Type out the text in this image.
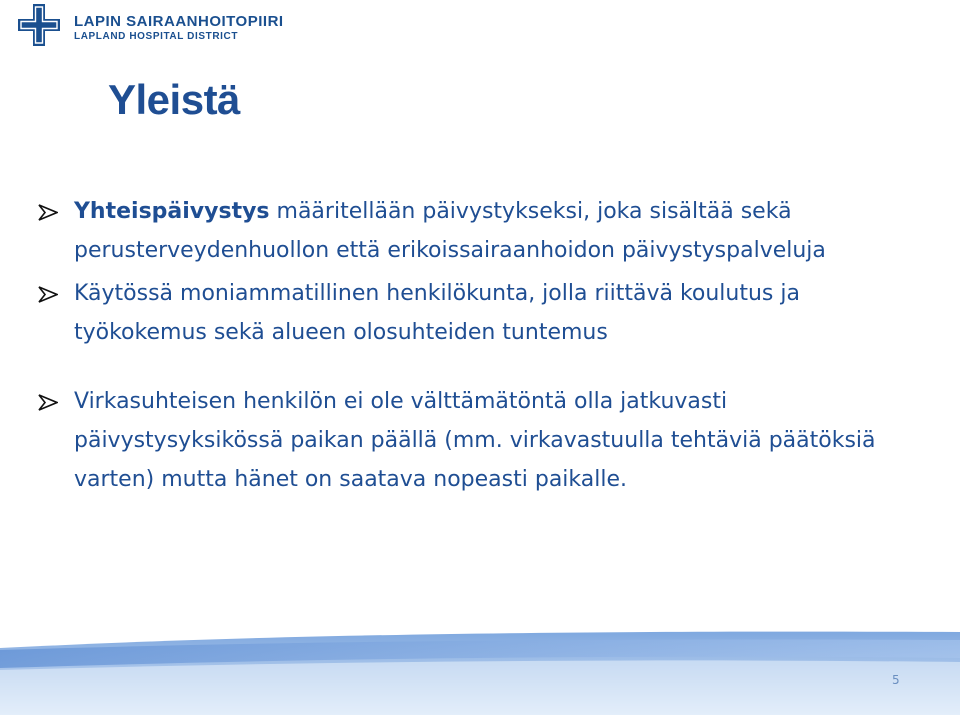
LAPIN SAIRAANHOITOPIIRI
LAPLAND HOSPITAL DISTRICT
Yleistä
Yhteispäivystys määritellään päivystykseksi, joka sisältää sekä perusterveydenhuollon että erikoissairaanhoidon päivystyspalveluja
Käytössä moniammatillinen henkilökunta, jolla riittävä koulutus ja työkokemus sekä alueen olosuhteiden tuntemus
Virkasuhteisen henkilön ei ole välttämätöntä olla jatkuvasti päivystysyksikössä paikan päällä (mm. virkavastuulla tehtäviä päätöksiä varten) mutta hänet on saatava nopeasti paikalle.
5
